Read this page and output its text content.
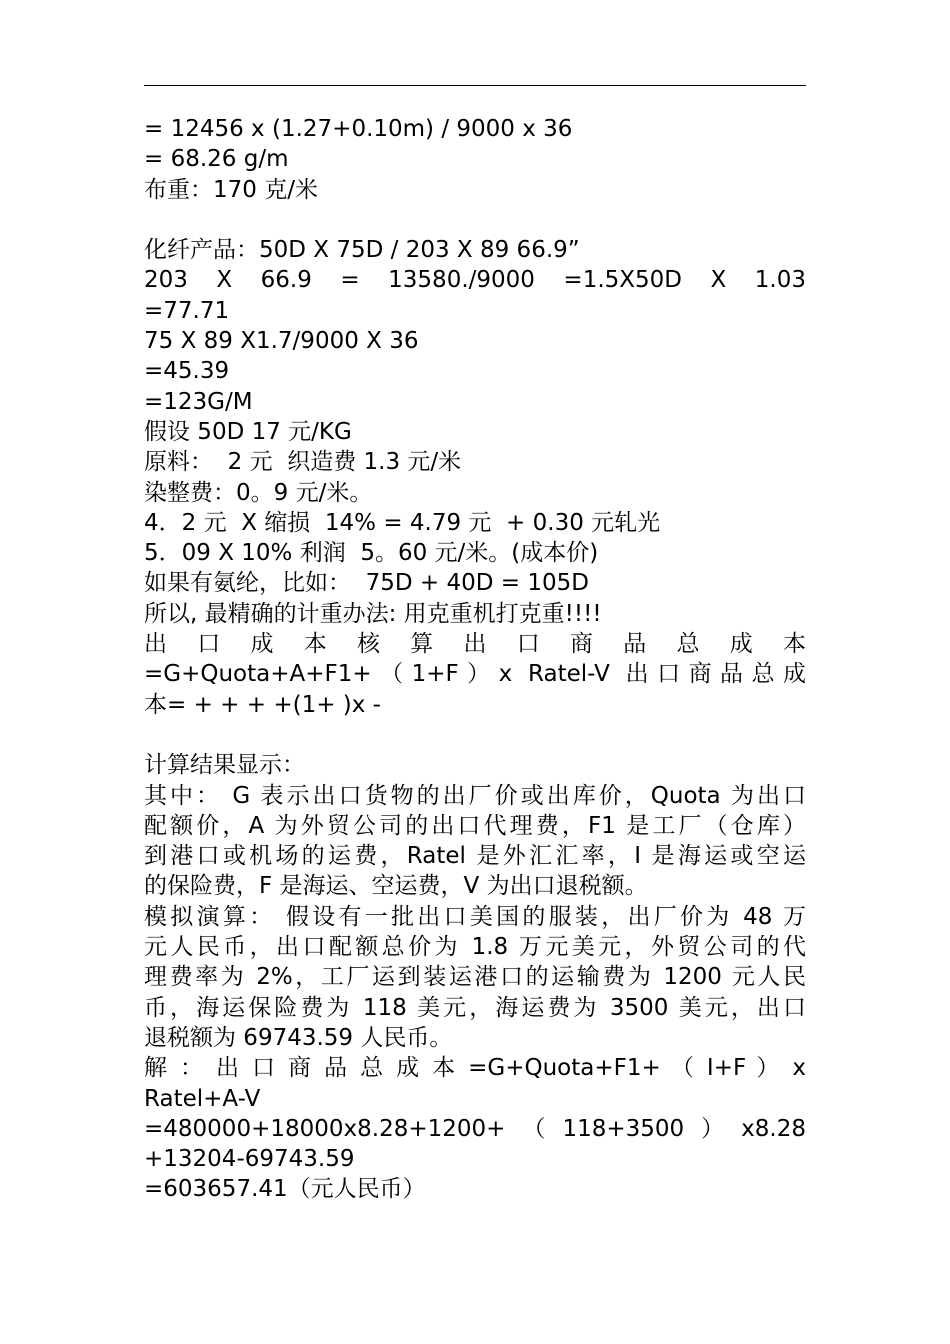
= 12456 x (1.27+0.10m) / 9000 x 36
= 68.26 g/m
布重：170 克/米
化纤产品：50D X 75D / 203 X 89 66.9”
203 X 66.9 = 13580./9000 =1.5X50D X 1.03
=77.71
75 X 89 X1.7/9000 X 36
=45.39
=123G/M
假设 50D 17 元/KG
原料：  2 元  织造费 1.3 元/米
染整费：0。9 元/米。
4．2 元  X 缩损  14% = 4.79 元  + 0.30 元轧光
5．09 X 10% 利润  5。60 元/米。(成本价)
如果有氨纶，比如：  75D + 40D = 105D
所以, 最精确的计重办法: 用克重机打克重!!!!
出 口 成 本 核 算 出 口 商 品 总 成 本
=G+Quota+A+F1+（1+F）x Ratel-V 出口商品总成
本= + + + +(1+ )x -
计算结果显示：
其中： G 表示出口货物的出厂价或出库价，Quota 为出口
配额价，A 为外贸公司的出口代理费，F1 是工厂（仓库）
到港口或机场的运费，Ratel 是外汇汇率，I 是海运或空运
的保险费，F 是海运、空运费，V 为出口退税额。
模拟演算： 假设有一批出口美国的服装，出厂价为 48 万
元人民币，出口配额总价为 1.8 万元美元，外贸公司的代
理费率为 2%，工厂运到装运港口的运输费为 1200 元人民
币，海运保险费为 118 美元，海运费为 3500 美元，出口
退税额为 69743.59 人民币。
解 ： 出 口 商 品 总 成 本 =G+Quota+F1+ （ I+F ） x
Ratel+A-V
=480000+18000x8.28+1200+（118+3500）x8.28
+13204-69743.59
=603657.41（元人民币）
